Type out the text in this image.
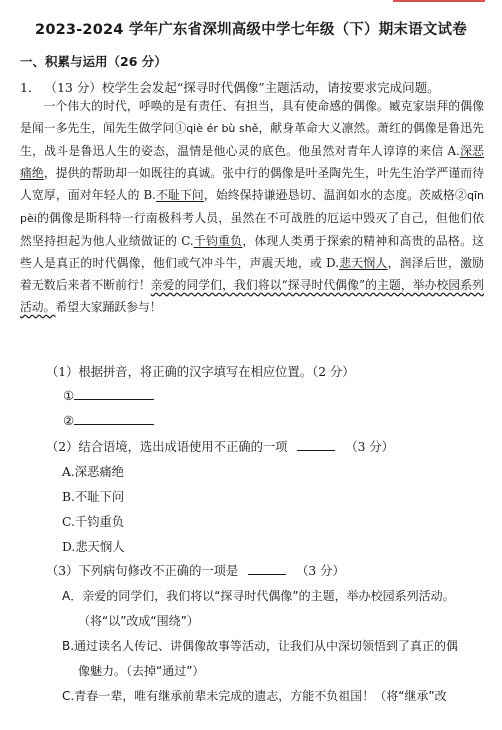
2023-2024 学年广东省深圳高级中学七年级（下）期末语文试卷
一、积累与运用（26 分）
1． （13 分）校学生会发起“探寻时代偶像”主题活动，请按要求完成问题。

一个伟大的时代，呼唤的是有责任、有担当，具有使命感的偶像。臧克家崇拜的偶像是闻一多先生，闻先生做学问①qiè ér bù shě，献身革命大义凛然。萧红的偶像是鲁迅先生，战斗是鲁迅人生的姿态，温情是他心灵的底色。他虽然对青年人谆谆的来信 A.深恶痛绝，提供的帮助却一如既往的真诚。张中行的偶像是叶圣陶先生，叶先生治学严谨而待人宽厚，面对年轻人的 B.不耻下问，始终保持谦逊恳切、温润如水的态度。茨威格②qīn pèi的偶像是斯科特一行南极科考人员，虽然在不可战胜的厄运中毁灭了自己，但他们依然坚持担起为他人业绩做证的 C.千钧重负，体现人类勇于探索的精神和高贵的品格。这些人是真正的时代偶像，他们或气冲斗牛，声震天地，或 D.悲天悯人，润泽后世，激励着无数后来者不断前行！亲爱的同学们，我们将以“探寻时代偶像”的主题，举办校园系列活动。希望大家踊跃参与！

（1）根据拼音，将正确的汉字填写在相应位置。（2 分）
①
②
（2）结合语境，选出成语使用不正确的一项	（3 分）
A.深恶痛绝
B.不耻下问
C.千钧重负
D.悲天悯人
（3）下列病句修改不正确的一项是	（3 分）
A．亲爱的同学们，我们将以“探寻时代偶像”的主题，举办校园系列活动。
（将“以”改成“围绕”）
B.通过读名人传记、讲偶像故事等活动，让我们从中深切领悟到了真正的偶
像魅力。（去掉“通过”）
C.青春一辈，唯有继承前辈未完成的遗志，方能不负祖国！（将“继承”改
